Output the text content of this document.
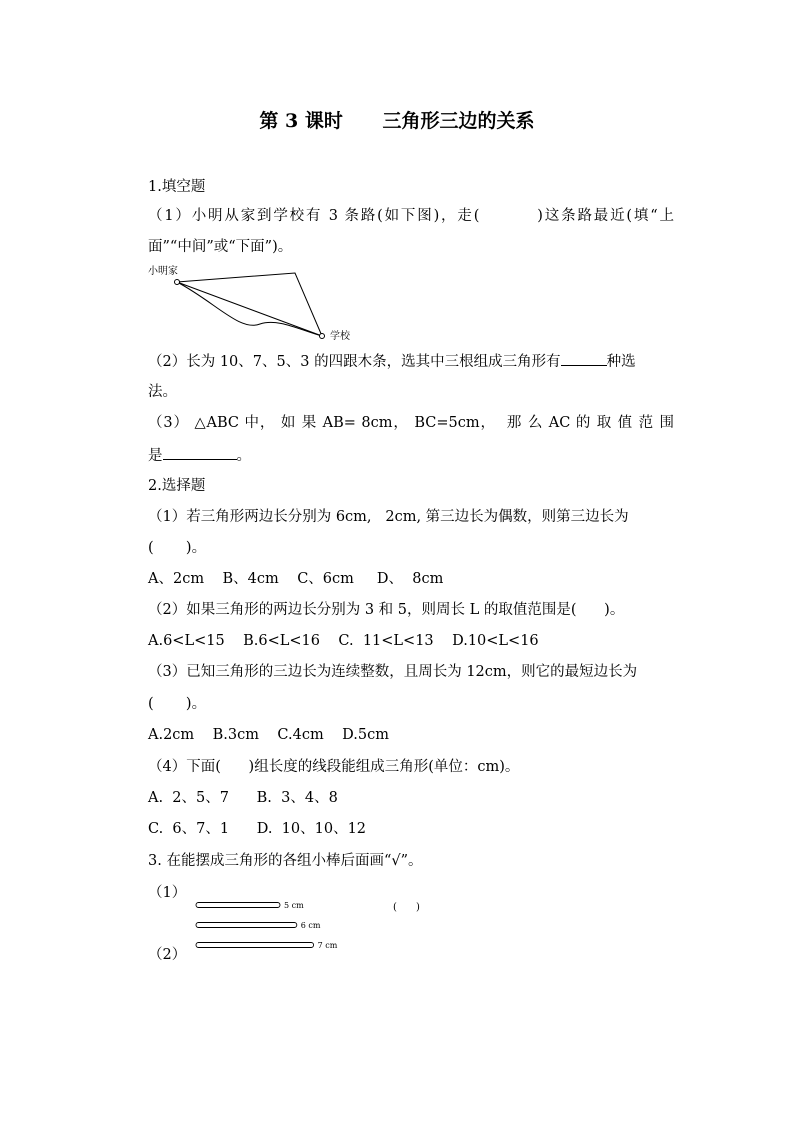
第 3 课时      三角形三边的关系
1.填空题
（1）小明从家到学校有 3 条路(如下图)，走(         )这条路最近(填“上
面”“中间”或“下面”)。
小明家
学校
（2）长为 10、7、5、3 的四跟木条，选其中三根组成三角形有	种选
法。
（3） △ABC 中， 如 果 AB= 8cm， BC=5cm，  那 么 AC 的 取 值 范 围
是	。
2.选择题
（1）若三角形两边长分别为 6cm,   2cm, 第三边长为偶数，则第三边长为
(       )。
A、2cm    B、4cm    C、6cm     D、  8cm
（2）如果三角形的两边长分别为 3 和 5，则周长 L 的取值范围是(      )。
A.6<L<15    B.6<L<16    C.  11<L<13    D.10<L<16
（3）已知三角形的三边长为连续整数，且周长为 12cm，则它的最短边长为
(       )。
A.2cm    B.3cm    C.4cm    D.5cm
（4）下面(      )组长度的线段能组成三角形(单位：cm)。
A.  2、5、7      B.  3、4、8
C.  6、7、1      D.  10、10、12
3. 在能摆成三角形的各组小棒后面画“√”。
（1）
（2）
5 cm
6 cm
7 cm
(      )
